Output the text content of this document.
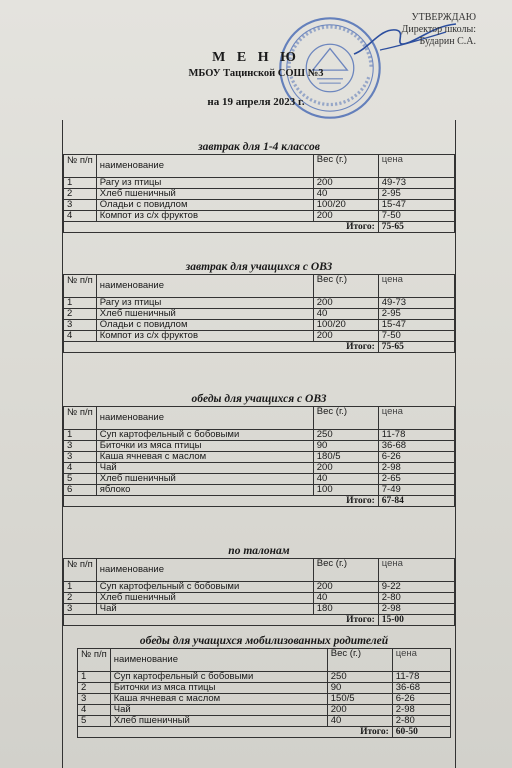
УТВЕРЖДАЮ
Директор школы:
Бударин С.А.
М Е Н Ю
МБОУ Тацинской СОШ №3
на 19 апреля 2023 г.
завтрак для 1-4 классов
№ п/п	наименование	Вес (г.)	цена
1	Рагу из птицы	200	49-73
2	Хлеб пшеничный	40	2-95
3	Оладьи с повидлом	100/20	15-47
4	Компот из с/х фруктов	200	7-50
Итого:			75-65
завтрак для учащихся с ОВЗ
№ п/п	наименование	Вес (г.)	цена
1	Рагу из птицы	200	49-73
2	Хлеб пшеничный	40	2-95
3	Оладьи с повидлом	100/20	15-47
4	Компот из с/х фруктов	200	7-50
Итого:			75-65
обеды для учащихся с ОВЗ
№ п/п	наименование	Вес (г.)	цена
1	Суп картофельный с бобовыми	250	11-78
3	Биточки из мяса птицы	90	36-68
3	Каша ячневая с маслом	180/5	6-26
4	Чай	200	2-98
5	Хлеб пшеничный	40	2-65
6	яблоко	100	7-49
Итого:			67-84
по талонам
№ п/п	наименование	Вес (г.)	цена
1	Суп картофельный с бобовыми	200	9-22
2	Хлеб пшеничный	40	2-80
3	Чай	180	2-98
Итого:			15-00
обеды для учащихся мобилизованных родителей
№ п/п	наименование	Вес (г.)	цена
1	Суп картофельный с бобовыми	250	11-78
2	Биточки из мяса птицы	90	36-68
3	Каша ячневая с маслом	150/5	6-26
4	Чай	200	2-98
5	Хлеб пшеничный	40	2-80
Итого:			60-50
